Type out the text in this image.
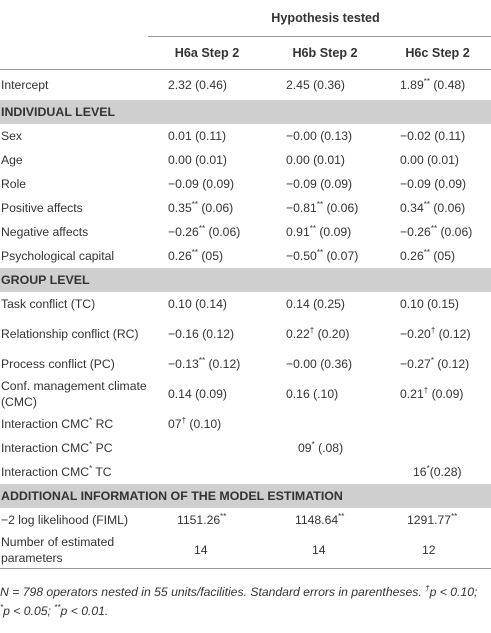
Hypothesis tested			
	H6a Step 2	H6b Step 2	H6c Step 2
Intercept	2.32 (0.46)	2.45 (0.36)	1.89** (0.48)
INDIVIDUAL LEVEL			
Sex	0.01 (0.11)	−0.00 (0.13)	−0.02 (0.11)
Age	0.00 (0.01)	0.00 (0.01)	0.00 (0.01)
Role	−0.09 (0.09)	−0.09 (0.09)	−0.09 (0.09)
Positive affects	0.35** (0.06)	−0.81** (0.06)	0.34** (0.06)
Negative affects	−0.26** (0.06)	0.91** (0.09)	−0.26** (0.06)
Psychological capital	0.26** (05)	−0.50** (0.07)	0.26** (05)
GROUP LEVEL			
Task conflict (TC)	0.10 (0.14)	0.14 (0.25)	0.10 (0.15)
Relationship conflict (RC)	−0.16 (0.12)	0.22† (0.20)	−0.20† (0.12)
Process conflict (PC)	−0.13** (0.12)	−0.00 (0.36)	−0.27* (0.12)
Conf. management climate (CMC)	0.14 (0.09)	0.16 (.10)	0.21† (0.09)
Interaction CMC* RC	07† (0.10)		
Interaction CMC* PC		09* (.08)	
Interaction CMC* TC			16*(0.28)
ADDITIONAL INFORMATION OF THE MODEL ESTIMATION			
−2 log likelihood (FIML)	1151.26**	1148.64**	1291.77**
Number of estimated parameters	14	14	12
N = 798 operators nested in 55 units/facilities. Standard errors in parentheses. †p < 0.10;
*p < 0.05; **p < 0.01.
